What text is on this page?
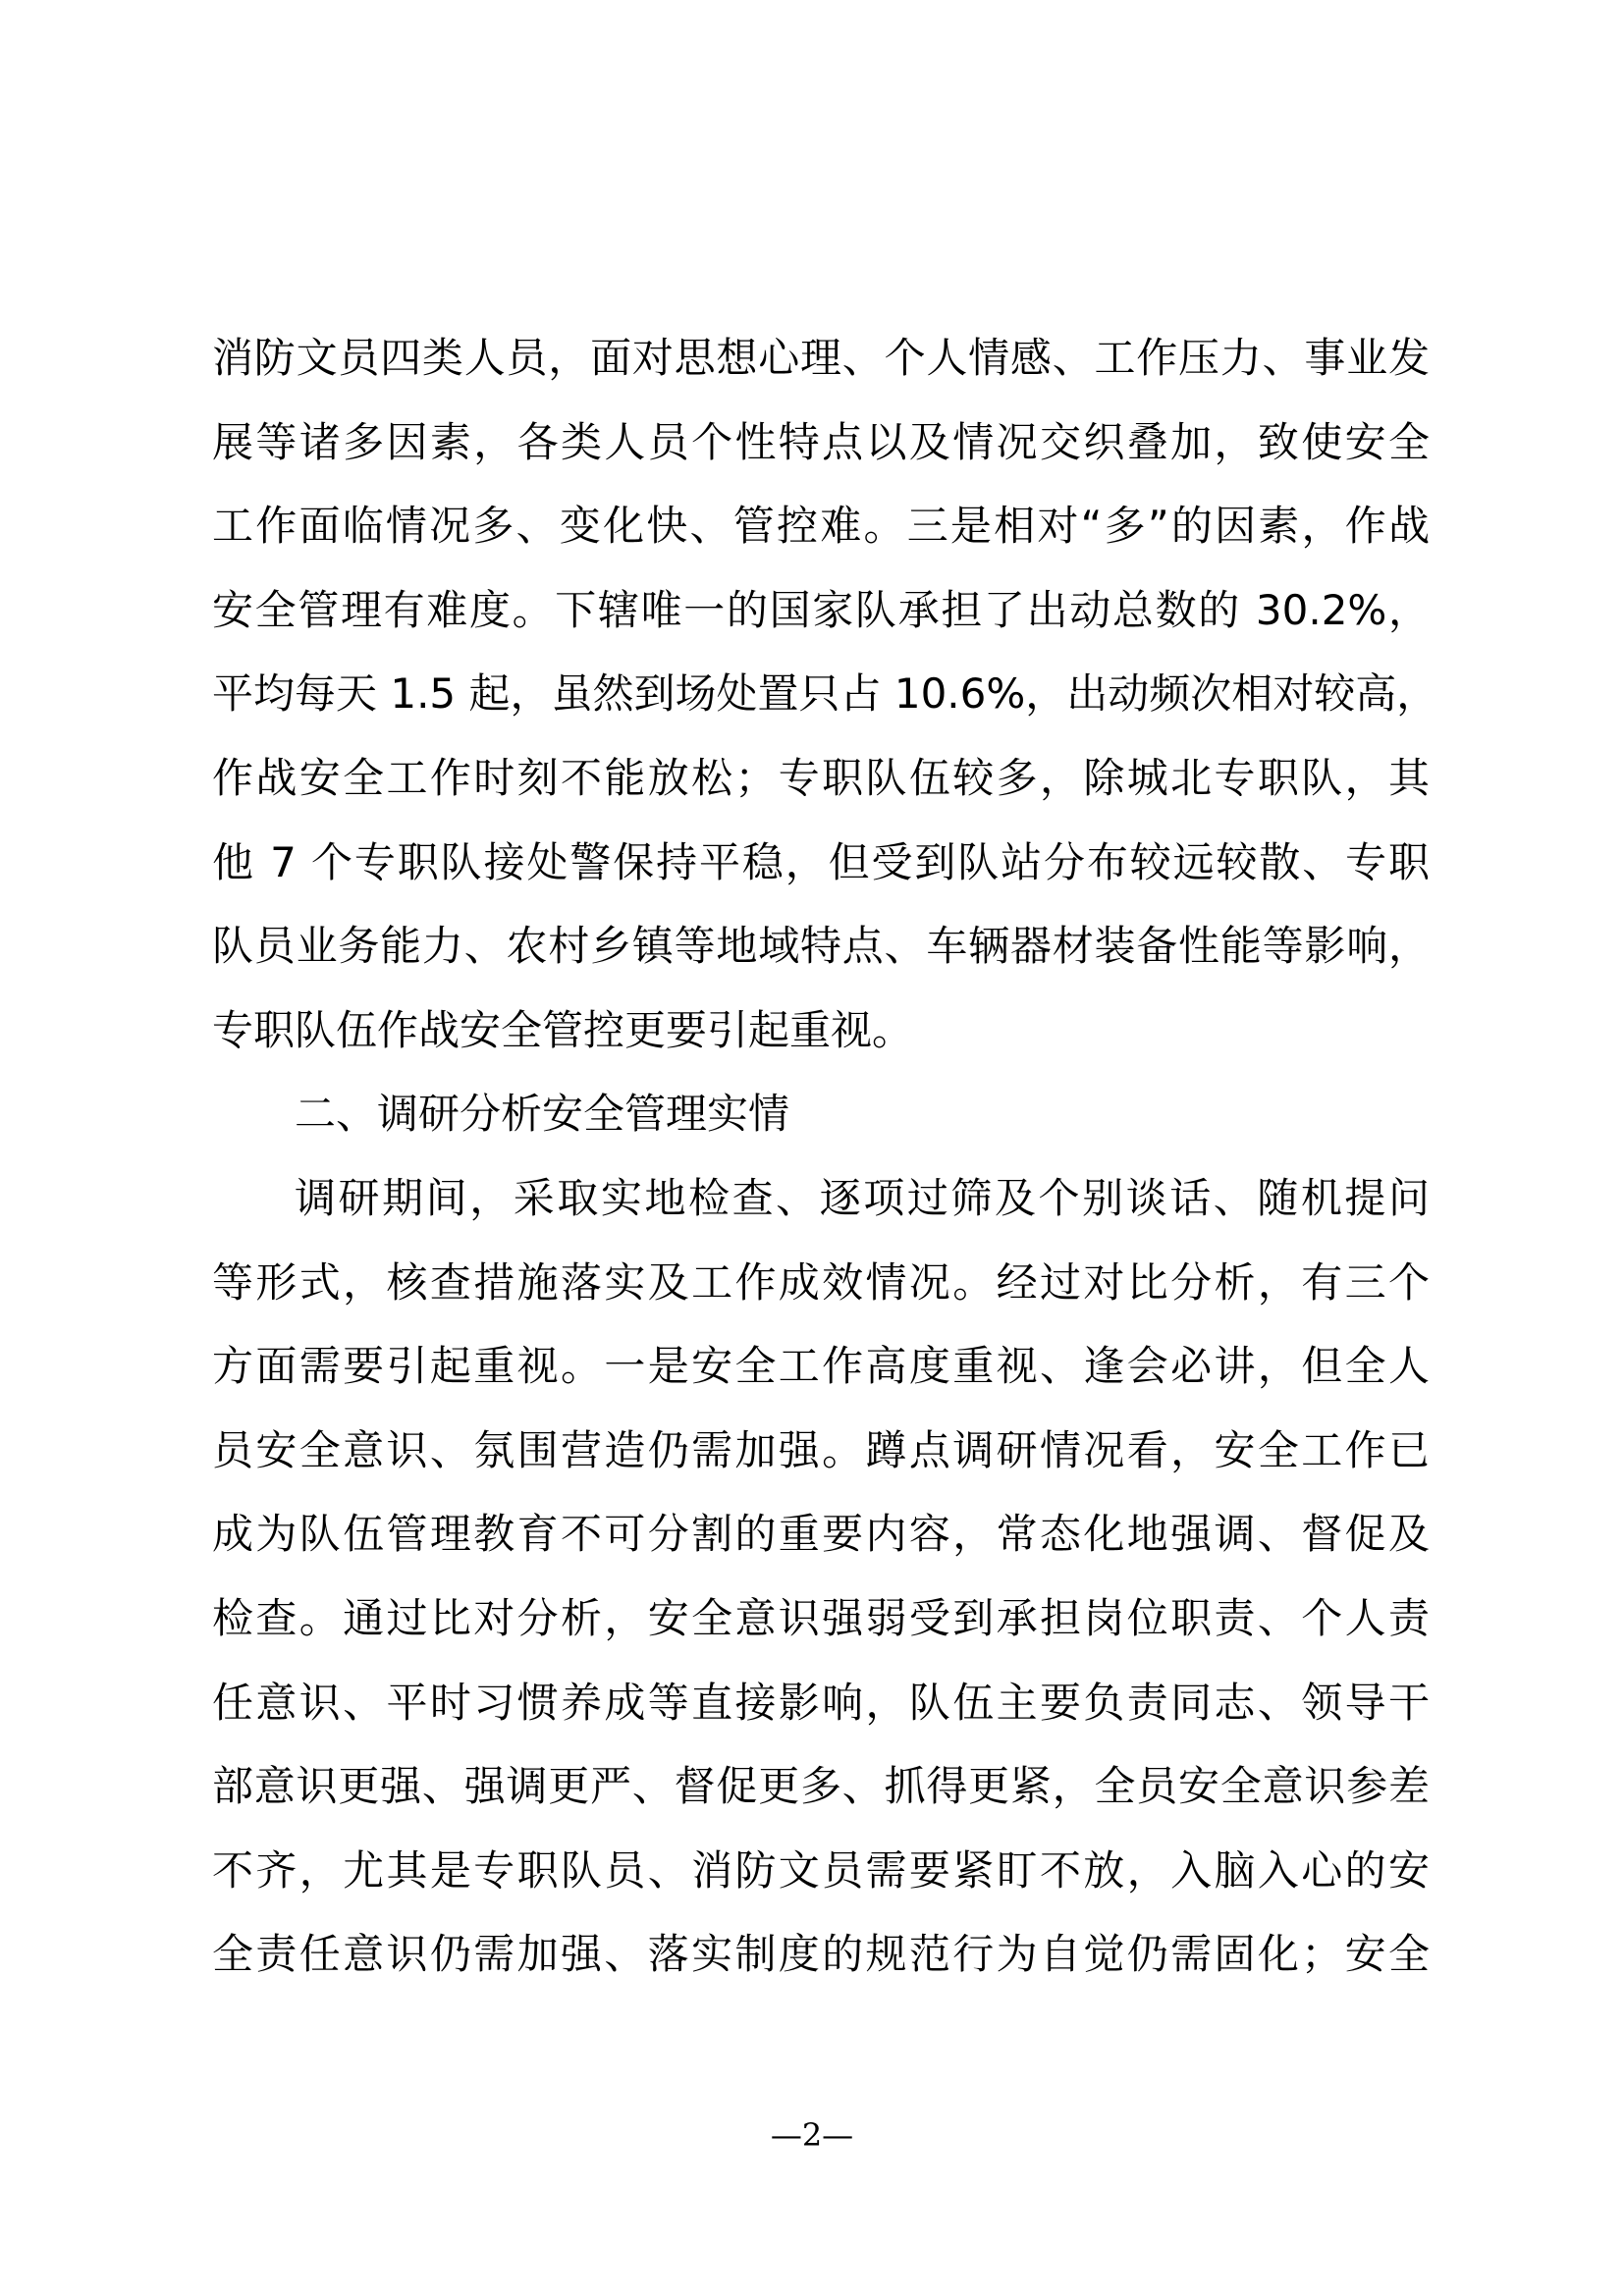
消防文员四类人员，面对思想心理、个人情感、工作压力、事业发
展等诸多因素，各类人员个性特点以及情况交织叠加，致使安全
工作面临情况多、变化快、管控难。三是相对“多”的因素，作战
安全管理有难度。下辖唯一的国家队承担了出动总数的 30.2%，
平均每天 1.5 起，虽然到场处置只占 10.6%，出动频次相对较高，
作战安全工作时刻不能放松；专职队伍较多，除城北专职队，其
他 7 个专职队接处警保持平稳，但受到队站分布较远较散、专职
队员业务能力、农村乡镇等地域特点、车辆器材装备性能等影响，
专职队伍作战安全管控更要引起重视。
二、调研分析安全管理实情
调研期间，采取实地检查、逐项过筛及个别谈话、随机提问
等形式，核查措施落实及工作成效情况。经过对比分析，有三个
方面需要引起重视。一是安全工作高度重视、逢会必讲，但全人
员安全意识、氛围营造仍需加强。蹲点调研情况看，安全工作已
成为队伍管理教育不可分割的重要内容，常态化地强调、督促及
检查。通过比对分析，安全意识强弱受到承担岗位职责、个人责
任意识、平时习惯养成等直接影响，队伍主要负责同志、领导干
部意识更强、强调更严、督促更多、抓得更紧，全员安全意识参差
不齐，尤其是专职队员、消防文员需要紧盯不放，入脑入心的安
全责任意识仍需加强、落实制度的规范行为自觉仍需固化；安全
—2—
